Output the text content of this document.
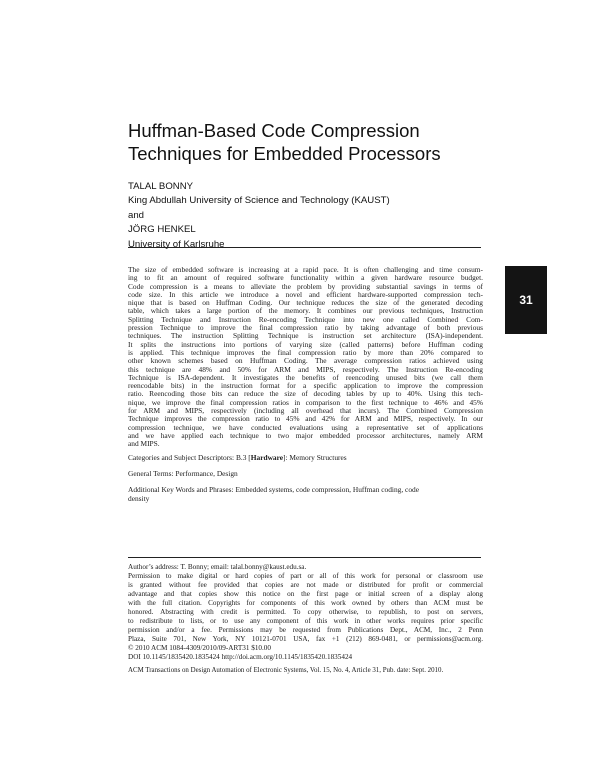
Huffman-Based Code Compression
Techniques for Embedded Processors
TALAL BONNY
King Abdullah University of Science and Technology (KAUST)
and
JÖRG HENKEL
University of Karlsruhe
31
The size of embedded software is increasing at a rapid pace. It is often challenging and time consum-
ing to fit an amount of required software functionality within a given hardware resource budget.
Code compression is a means to alleviate the problem by providing substantial savings in terms of
code size. In this article we introduce a novel and efficient hardware-supported compression tech-
nique that is based on Huffman Coding. Our technique reduces the size of the generated decoding
table, which takes a large portion of the memory. It combines our previous techniques, Instruction
Splitting Technique and Instruction Re-encoding Technique into new one called Combined Com-
pression Technique to improve the final compression ratio by taking advantage of both previous
techniques. The instruction Splitting Technique is instruction set architecture (ISA)-independent.
It splits the instructions into portions of varying size (called patterns) before Huffman coding
is applied. This technique improves the final compression ratio by more than 20% compared to
other known schemes based on Huffman Coding. The average compression ratios achieved using
this technique are 48% and 50% for ARM and MIPS, respectively. The Instruction Re-encoding
Technique is ISA-dependent. It investigates the benefits of reencoding unused bits (we call them
reencodable bits) in the instruction format for a specific application to improve the compression
ratio. Reencoding those bits can reduce the size of decoding tables by up to 40%. Using this tech-
nique, we improve the final compression ratios in comparison to the first technique to 46% and 45%
for ARM and MIPS, respectively (including all overhead that incurs). The Combined Compression
Technique improves the compression ratio to 45% and 42% for ARM and MIPS, respectively. In our
compression technique, we have conducted evaluations using a representative set of applications
and we have applied each technique to two major embedded processor architectures, namely ARM
and MIPS.
Categories and Subject Descriptors: B.3 [Hardware]: Memory Structures
General Terms: Performance, Design
Additional Key Words and Phrases: Embedded systems, code compression, Huffman coding, code
density
Author’s address: T. Bonny; email: talal.bonny@kaust.edu.sa.
Permission to make digital or hard copies of part or all of this work for personal or classroom use
is granted without fee provided that copies are not made or distributed for profit or commercial
advantage and that copies show this notice on the first page or initial screen of a display along
with the full citation. Copyrights for components of this work owned by others than ACM must be
honored. Abstracting with credit is permitted. To copy otherwise, to republish, to post on servers,
to redistribute to lists, or to use any component of this work in other works requires prior specific
permission and/or a fee. Permissions may be requested from Publications Dept., ACM, Inc., 2 Penn
Plaza, Suite 701, New York, NY 10121-0701 USA, fax +1 (212) 869-0481, or permissions@acm.org.
© 2010 ACM 1084-4309/2010/09-ART31 $10.00
DOI 10.1145/1835420.1835424 http://doi.acm.org/10.1145/1835420.1835424
ACM Transactions on Design Automation of Electronic Systems, Vol. 15, No. 4, Article 31, Pub. date: Sept. 2010.
